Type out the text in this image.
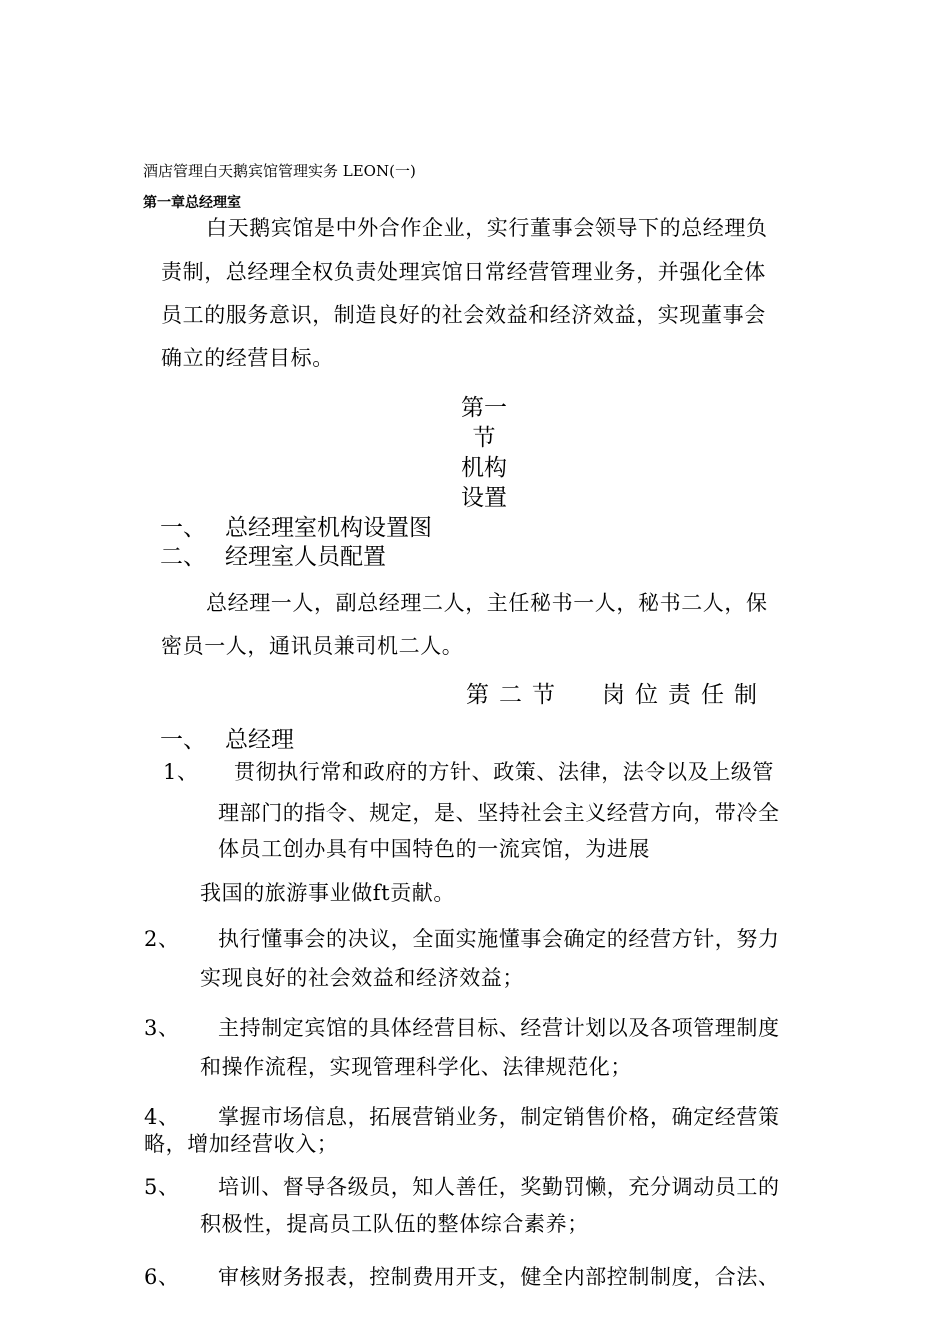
酒店管理白天鹅宾馆管理实务 LEON(一)
第一章总经理室
白天鹅宾馆是中外合作企业，实行董事会领导下的总经理负
责制，总经理全权负责处理宾馆日常经营管理业务，并强化全体
员工的服务意识，制造良好的社会效益和经济效益，实现董事会
确立的经营目标。
第一
节
机构
设置
一、 总经理室机构设置图
二、 经理室人员配置
总经理一人，副总经理二人，主任秘书一人，秘书二人，保
密员一人，通讯员兼司机二人。
第二节 岗位责任制
一、 总经理
1、 贯彻执行常和政府的方针、政策、法律，法令以及上级管
理部门的指令、规定，是、坚持社会主义经营方向，带冷全
体员工创办具有中国特色的一流宾馆，为进展
我国的旅游事业做ft贡献。
2、 执行懂事会的决议，全面实施懂事会确定的经营方针，努力
实现良好的社会效益和经济效益；
3、 主持制定宾馆的具体经营目标、经营计划以及各项管理制度
和操作流程，实现管理科学化、法律规范化；
4、 掌握市场信息，拓展营销业务，制定销售价格，确定经营策
略，增加经营收入；
5、 培训、督导各级员，知人善任，奖勤罚懒，充分调动员工的
积极性，提高员工队伍的整体综合素养；
6、 审核财务报表，控制费用开支，健全内部控制制度，合法、
